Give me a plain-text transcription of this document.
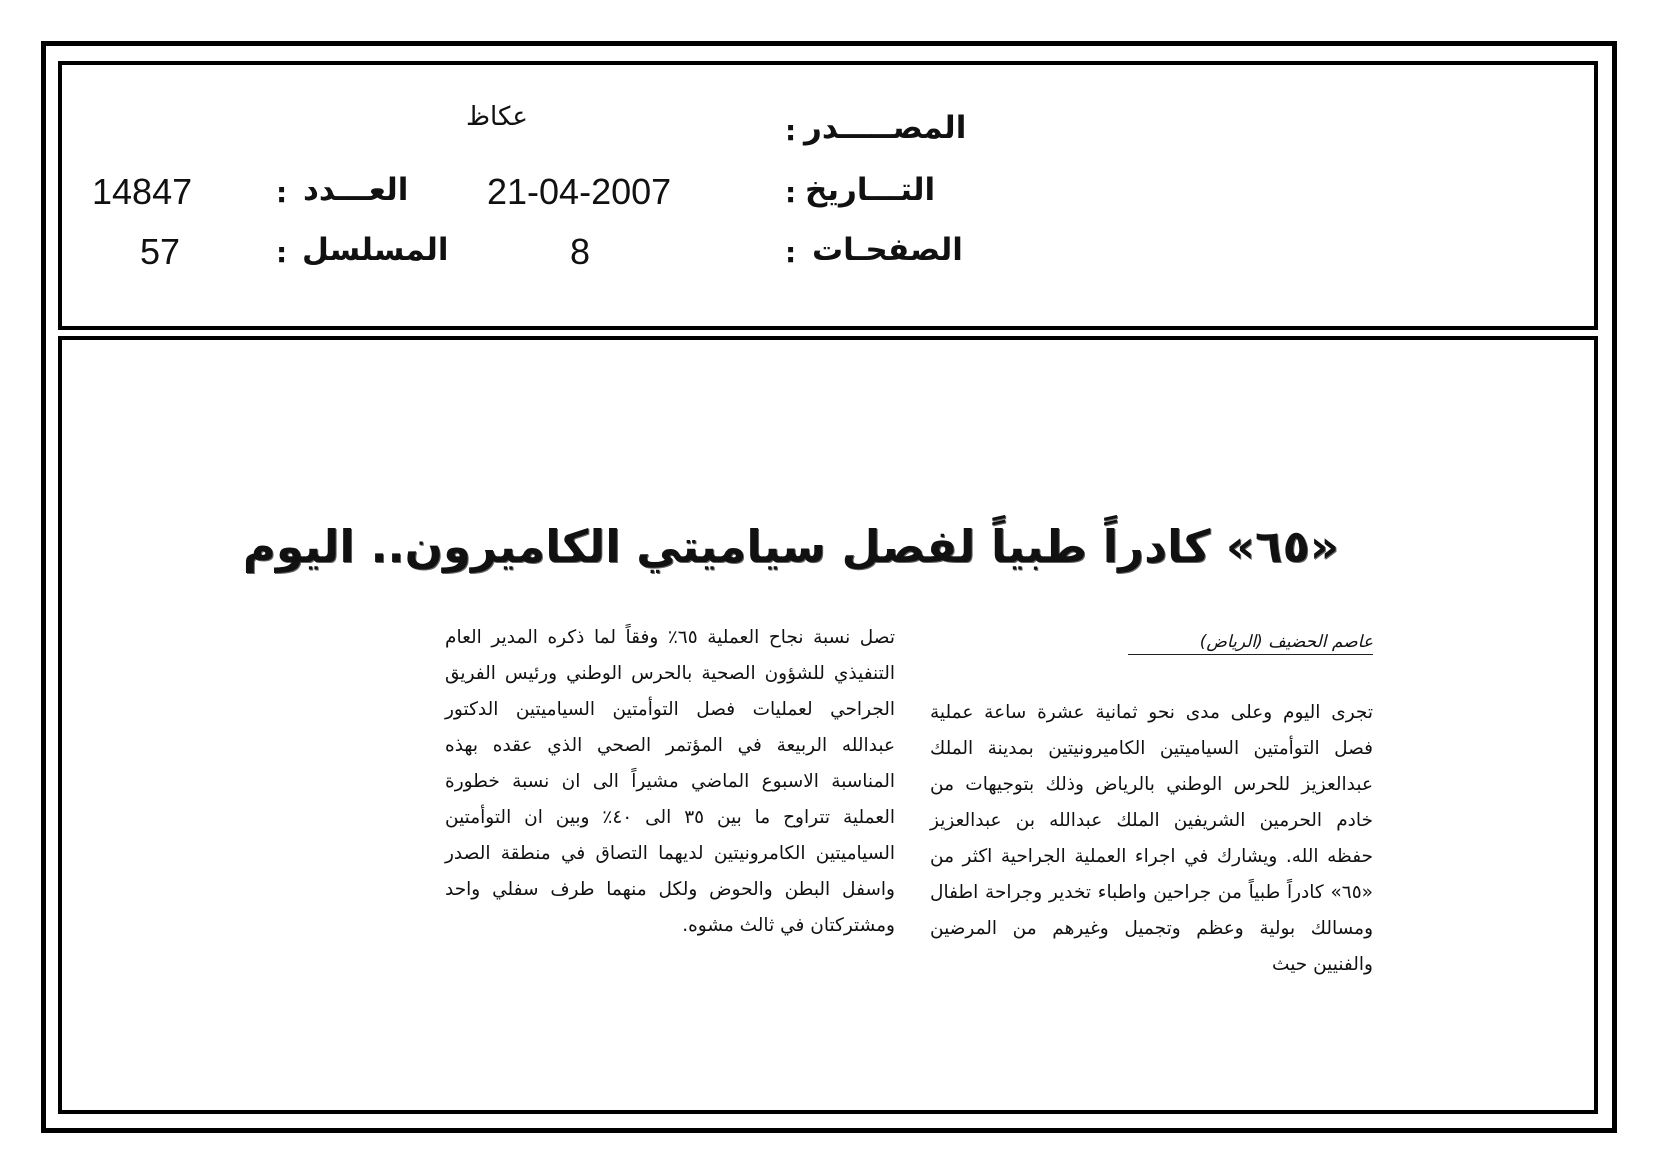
المصـــــدر
:
عكاظ
التـــاريخ
:
21-04-2007
الصفحـات
:
8
العـــدد
:
14847
المسلسل
:
57
«٦٥» كادراً طبياً لفصل سياميتي الكاميرون.. اليوم
عاصم الحضيف (الرياض)
تجرى اليوم وعلى مدى نحو ثمانية عشرة ساعة عملية فصل التوأمتين السياميتين الكاميرونيتين بمدينة الملك عبدالعزيز للحرس الوطني بالرياض وذلك بتوجيهات من خادم الحرمين الشريفين الملك عبدالله بن عبدالعزيز حفظه الله. ويشارك في اجراء العملية الجراحية اكثر من «٦٥» كادراً طبياً من جراحين واطباء تخدير وجراحة اطفال ومسالك بولية وعظم وتجميل وغيرهم من المرضين والفنيين حيث
تصل نسبة نجاح العملية ٦٥٪ وفقاً لما ذكره المدير العام التنفيذي للشؤون الصحية بالحرس الوطني ورئيس الفريق الجراحي لعمليات فصل التوأمتين السياميتين الدكتور عبدالله الربيعة في المؤتمر الصحي الذي عقده بهذه المناسبة الاسبوع الماضي مشيراً الى ان نسبة خطورة العملية تتراوح ما بين ٣٥ الى ٤٠٪ وبين ان التوأمتين السياميتين الكامرونيتين لديهما التصاق في منطقة الصدر واسفل البطن والحوض ولكل منهما طرف سفلي واحد ومشتركتان في ثالث مشوه.
